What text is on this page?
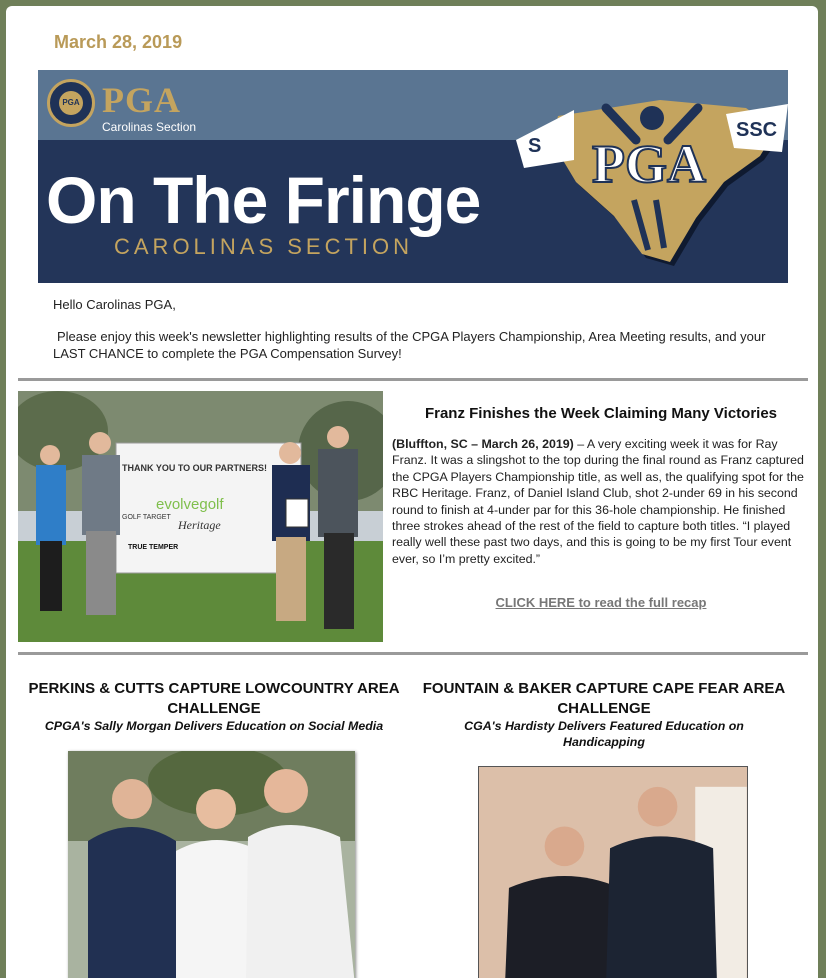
March 28, 2019
PGA PGA
Carolinas Section
On The Fringe
CAROLINAS SECTION
S
SSC
PGA

Hello Carolinas PGA,

Please enjoy this week's newsletter highlighting results of the CPGA Players Championship, Area Meeting results, and your LAST CHANCE to complete the PGA Compensation Survey!

THANK YOU TO OUR PARTNERS!
evolvegolf
GOLF TARGET
Heritage
TRUE TEMPER
Franz Finishes the Week Claiming Many Victories
(Bluffton, SC – March 26, 2019) – A very exciting week it was for Ray Franz. It was a slingshot to the top during the final round as Franz captured the CPGA Players Championship title, as well as, the qualifying spot for the RBC Heritage. Franz, of Daniel Island Club, shot 2-under 69 in his second round to finish at 4-under par for this 36-hole championship. He finished three strokes ahead of the rest of the field to capture both titles. “I played really well these past two days, and this is going to be my first Tour event ever, so I’m pretty excited.”
CLICK HERE to read the full recap
PERKINS & CUTTS CAPTURE LOWCOUNTRY AREA CHALLENGE
CPGA's Sally Morgan Delivers Education on Social Media
FOUNTAIN & BAKER CAPTURE CAPE FEAR AREA CHALLENGE
CGA's Hardisty Delivers Featured Education on Handicapping
